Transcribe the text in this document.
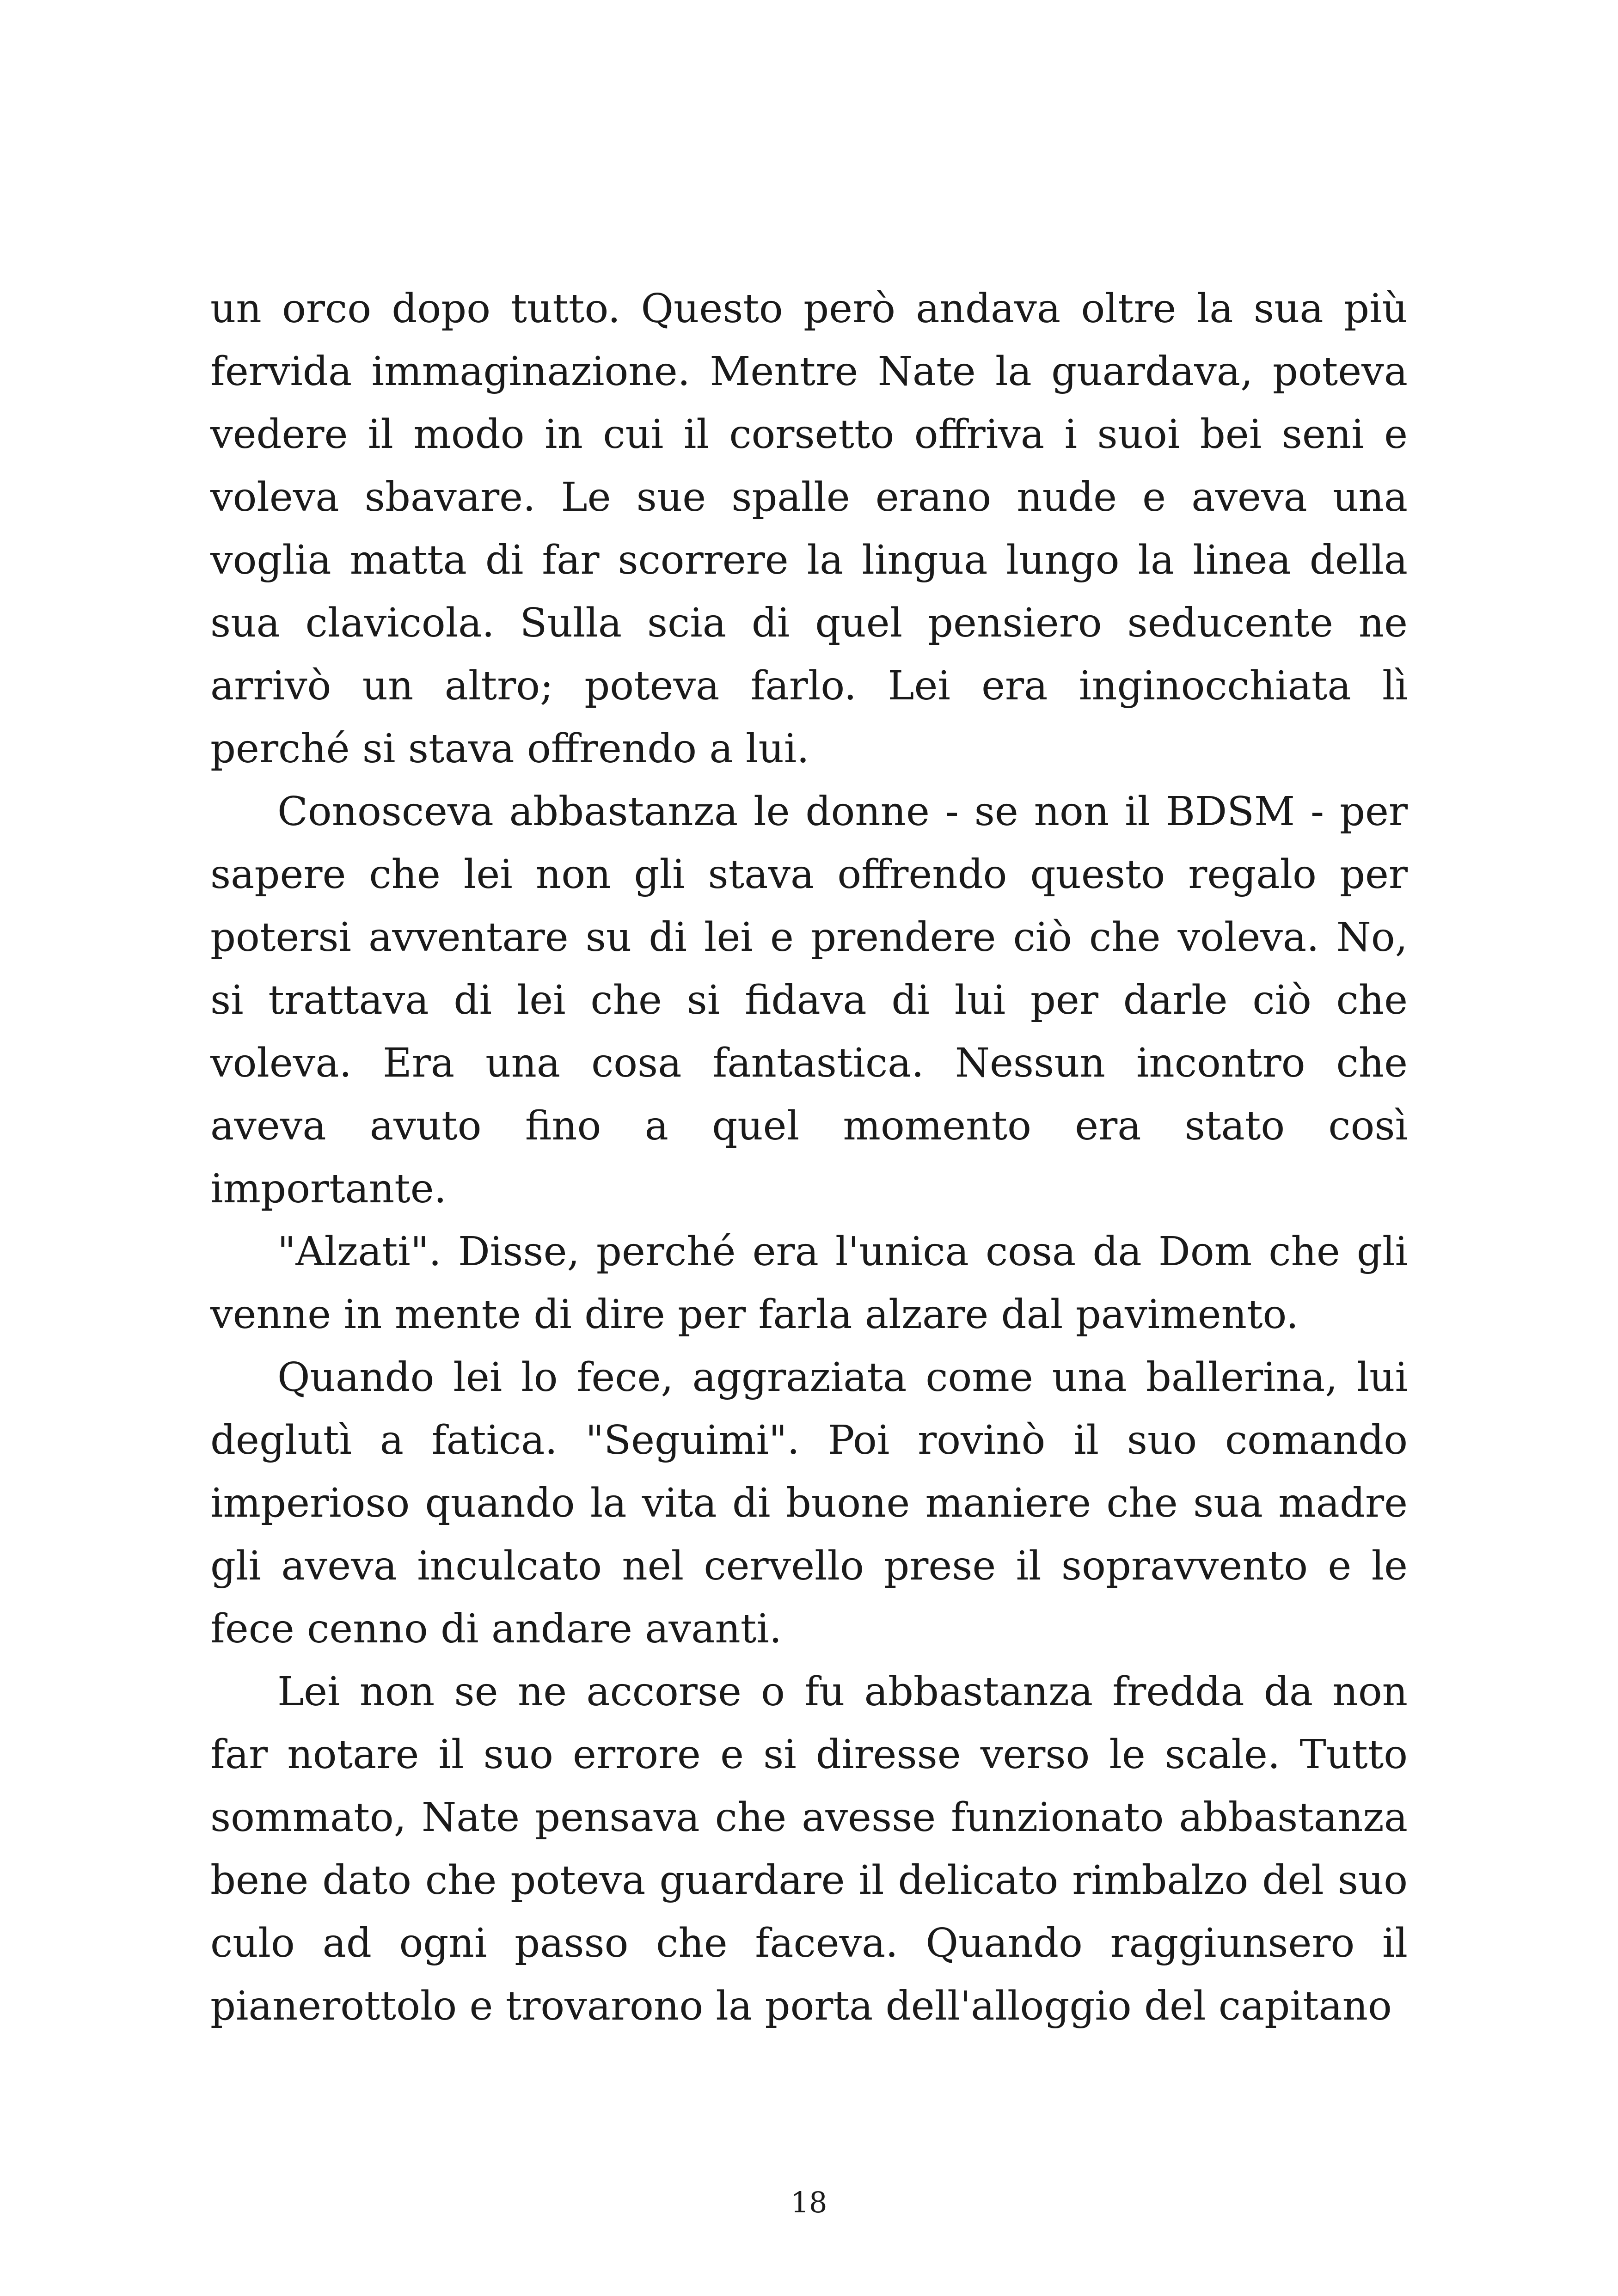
un orco dopo tutto. Questo però andava oltre la sua più fervida immaginazione. Mentre Nate la guardava, poteva vedere il modo in cui il corsetto offriva i suoi bei seni e voleva sbavare. Le sue spalle erano nude e aveva una voglia matta di far scorrere la lingua lungo la linea della sua clavicola. Sulla scia di quel pensiero seducente ne arrivò un altro; poteva farlo. Lei era inginocchiata lì perché si stava offrendo a lui.

Conosceva abbastanza le donne - se non il BDSM - per sapere che lei non gli stava offrendo questo regalo per potersi avventare su di lei e prendere ciò che voleva. No, si trattava di lei che si fidava di lui per darle ciò che voleva. Era una cosa fantastica. Nessun incontro che aveva avuto fino a quel momento era stato così importante.

"Alzati". Disse, perché era l'unica cosa da Dom che gli venne in mente di dire per farla alzare dal pavimento.

Quando lei lo fece, aggraziata come una ballerina, lui deglutì a fatica. "Seguimi". Poi rovinò il suo comando imperioso quando la vita di buone maniere che sua madre gli aveva inculcato nel cervello prese il sopravvento e le fece cenno di andare avanti.

Lei non se ne accorse o fu abbastanza fredda da non far notare il suo errore e si diresse verso le scale. Tutto sommato, Nate pensava che avesse funzionato abbastanza bene dato che poteva guardare il delicato rimbalzo del suo culo ad ogni passo che faceva. Quando raggiunsero il pianerottolo e trovarono la porta dell'alloggio del capitano

18
